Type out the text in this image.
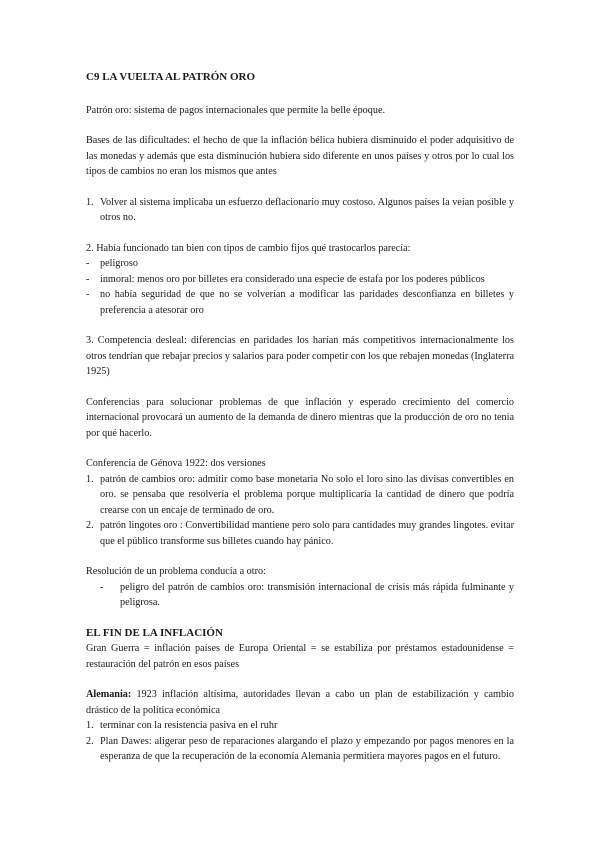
C9 LA VUELTA AL PATRÓN ORO

Patrón oro: sistema de pagos internacionales que permite la belle époque.

Bases de las dificultades: el hecho de que la inflación bélica hubiera disminuido el poder adquisitivo de las monedas y además que esta disminución hubiera sido diferente en unos países y otros por lo cual los tipos de cambios no eran los mismos que antes

1. Volver al sistema implicaba un esfuerzo deflacionario muy costoso. Algunos países la veían posible y otros no.

2. Había funcionado tan bien con tipos de cambio fijos qué trastocarlos parecía:

- peligroso
- inmoral: menos oro por billetes era considerado una especie de estafa por los poderes públicos
- no había seguridad de que no se volverían a modificar las paridades desconfianza en billetes y preferencia a atesorar oro

3. Competencia desleal: diferencias en paridades los harían más competitivos internacionalmente los otros tendrían que rebajar precios y salarios para poder competir con los que rebajen monedas (Inglaterra 1925)

Conferencias para solucionar problemas de que inflación y esperado crecimiento del comercio internacional provocará un aumento de la demanda de dinero mientras que la producción de oro no tenía por qué hacerlo.

Conferencia de Génova 1922: dos versiones

1. patrón de cambios oro: admitir como base monetaria No solo el loro sino las divisas convertibles en oro. se pensaba que resolvería el problema porque multiplicaría la cantidad de dinero que podría crearse con un encaje de terminado de oro.
2. patrón lingotes oro : Convertibilidad mantiene pero solo para cantidades muy grandes lingotes. evitar que el público transforme sus billetes cuando hay pánico.

Resolución de un problema conducía a otro:

- peligro del patrón de cambios oro: transmisión internacional de crisis más rápida fulminante y peligrosa.

EL FIN DE LA INFLACIÓN

Gran Guerra = inflación países de Europa Oriental = se estabiliza por préstamos estadounidense = restauración del patrón en esos países

Alemania: 1923 inflación altísima, autoridades llevan a cabo un plan de estabilización y cambio drástico de la política económica

1. terminar con la resistencia pasiva en el ruhr
2. Plan Dawes: aligerar peso de reparaciones alargando el plazo y empezando por pagos menores en la esperanza de que la recuperación de la economía Alemania permitiera mayores pagos en el futuro.
